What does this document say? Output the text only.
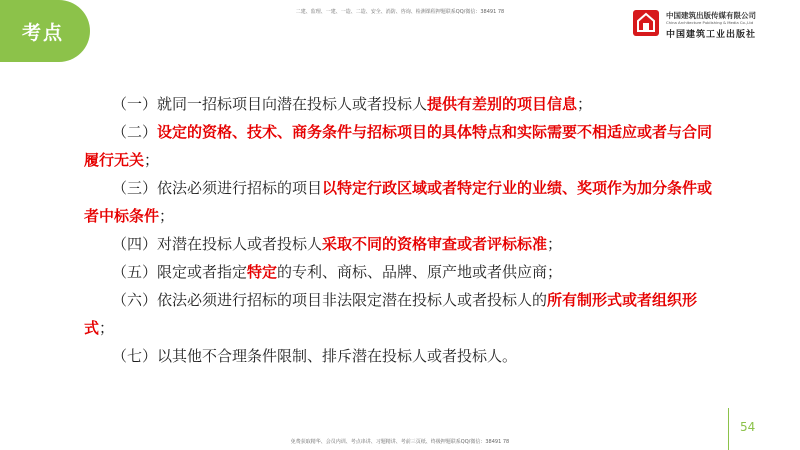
考点
二建、监理、一建、一造、二造、安全、消防、咨询、检测课程押题联系QQ/微信：38491 78	中国建筑出版传媒有限公司
China Architecture Publishing & Media Co.,Ltd
中国建筑工业出版社

（一）就同一招标项目向潜在投标人或者投标人提供有差别的项目信息；

（二）设定的资格、技术、商务条件与招标项目的具体特点和实际需要不相适应或者与合同履行无关；

（三）依法必须进行招标的项目以特定行政区域或者特定行业的业绩、奖项作为加分条件或者中标条件；

（四）对潜在投标人或者投标人采取不同的资格审查或者评标标准；

（五）限定或者指定特定的专利、商标、品牌、原产地或者供应商；

（六）依法必须进行招标的项目非法限定潜在投标人或者投标人的所有制形式或者组织形式；

（七）以其他不合理条件限制、排斥潜在投标人或者投标人。

54
免费获取精华、会员内训、考点串讲、习题精讲、考前三页纸、终极押题联系QQ/微信：38491 78
